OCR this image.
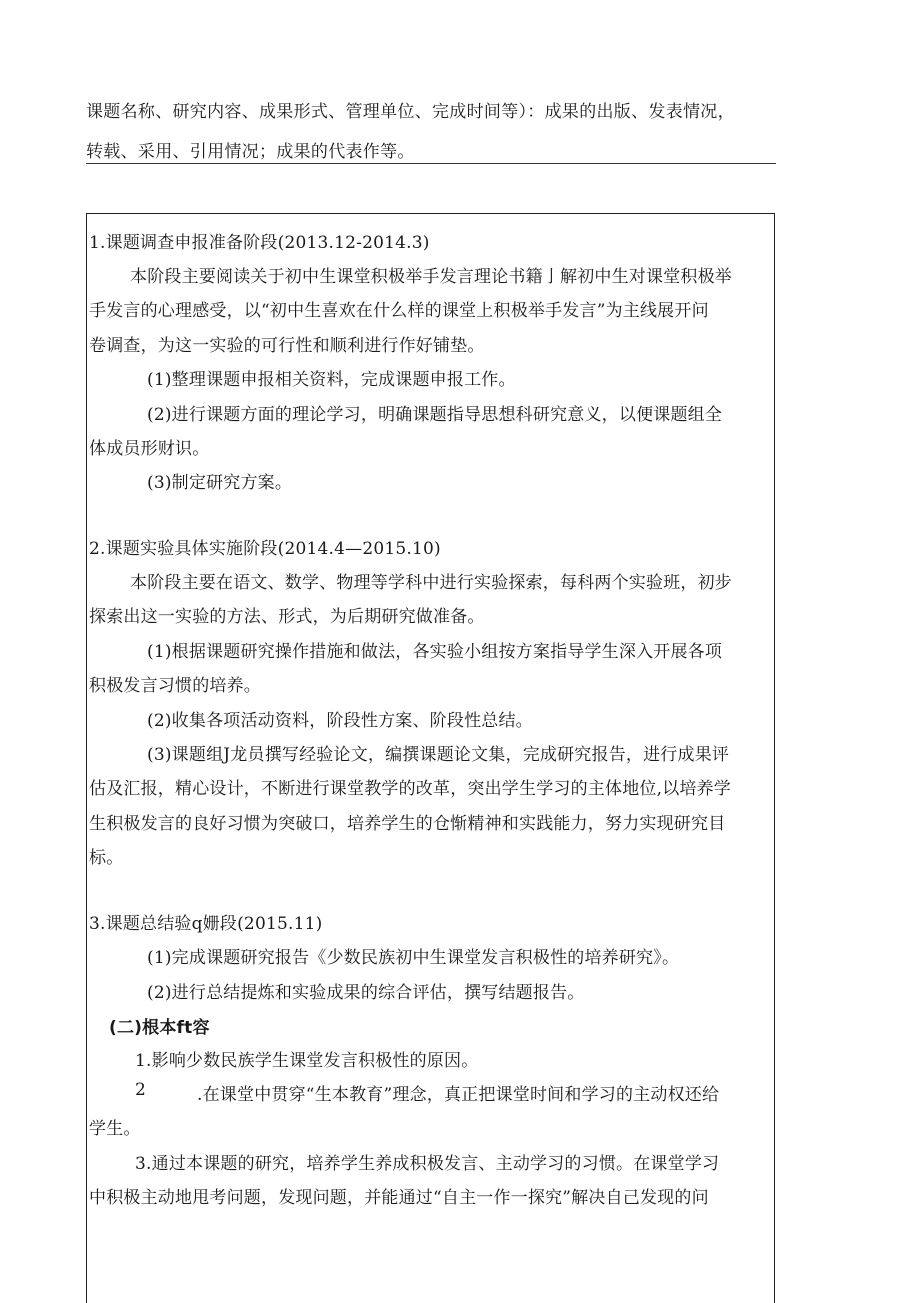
课题名称、研究内容、成果形式、管理单位、完成时间等）：成果的出版、发表情况，

转载、采用、引用情况；成果的代表作等。

1.课题调查申报准备阶段(2013.12-2014.3)
本阶段主要阅读关于初中生课堂积极举手发言理论书籍亅解初中生对课堂积极举
手发言的心理感受，以“初中生喜欢在什么样的课堂上积极举手发言”为主线展开问
卷调查，为这一实验的可行性和顺利进行作好铺垫。
(1)整理课题申报相关资料，完成课题申报工作。
(2)进行课题方面的理论学习，明确课题指导思想科研究意义，以便课题组全
体成员形财识。
(3)制定研究方案。
2.课题实验具体实施阶段(2014.4—2015.10)
本阶段主要在语文、数学、物理等学科中进行实验探索，每科两个实验班，初步
探索出这一实验的方法、形式，为后期研究做准备。
(1)根据课题研究操作措施和做法，各实验小组按方案指导学生深入开展各项
积极发言习惯的培养。
(2)收集各项活动资料，阶段性方案、阶段性总结。
(3)课题组J龙员撰写经验论文，编撰课题论文集，完成研究报告，进行成果评
估及汇报，精心设计，不断进行课堂教学的改革，突出学生学习的主体地位,以培养学
生积极发言的良好习惯为突破口，培养学生的仓惭精神和实践能力，努力实现研究目
标。
3.课题总结验q姗段(2015.11)
(1)完成课题研究报告《少数民族初中生课堂发言积极性的培养研究》。
(2)进行总结提炼和实验成果的综合评估，撰写结题报告。
(二)根本ft容
1.影响少数民族学生课堂发言积极性的原因。
2	.在课堂中贯穿“生本教育”理念，真正把课堂时间和学习的主动权还给
学生。
3.通过本课题的研究，培养学生养成积极发言、主动学习的习惯。在课堂学习
中积极主动地甩考问题，发现问题，并能通过“自主一作一探究”解决自己发现的问
